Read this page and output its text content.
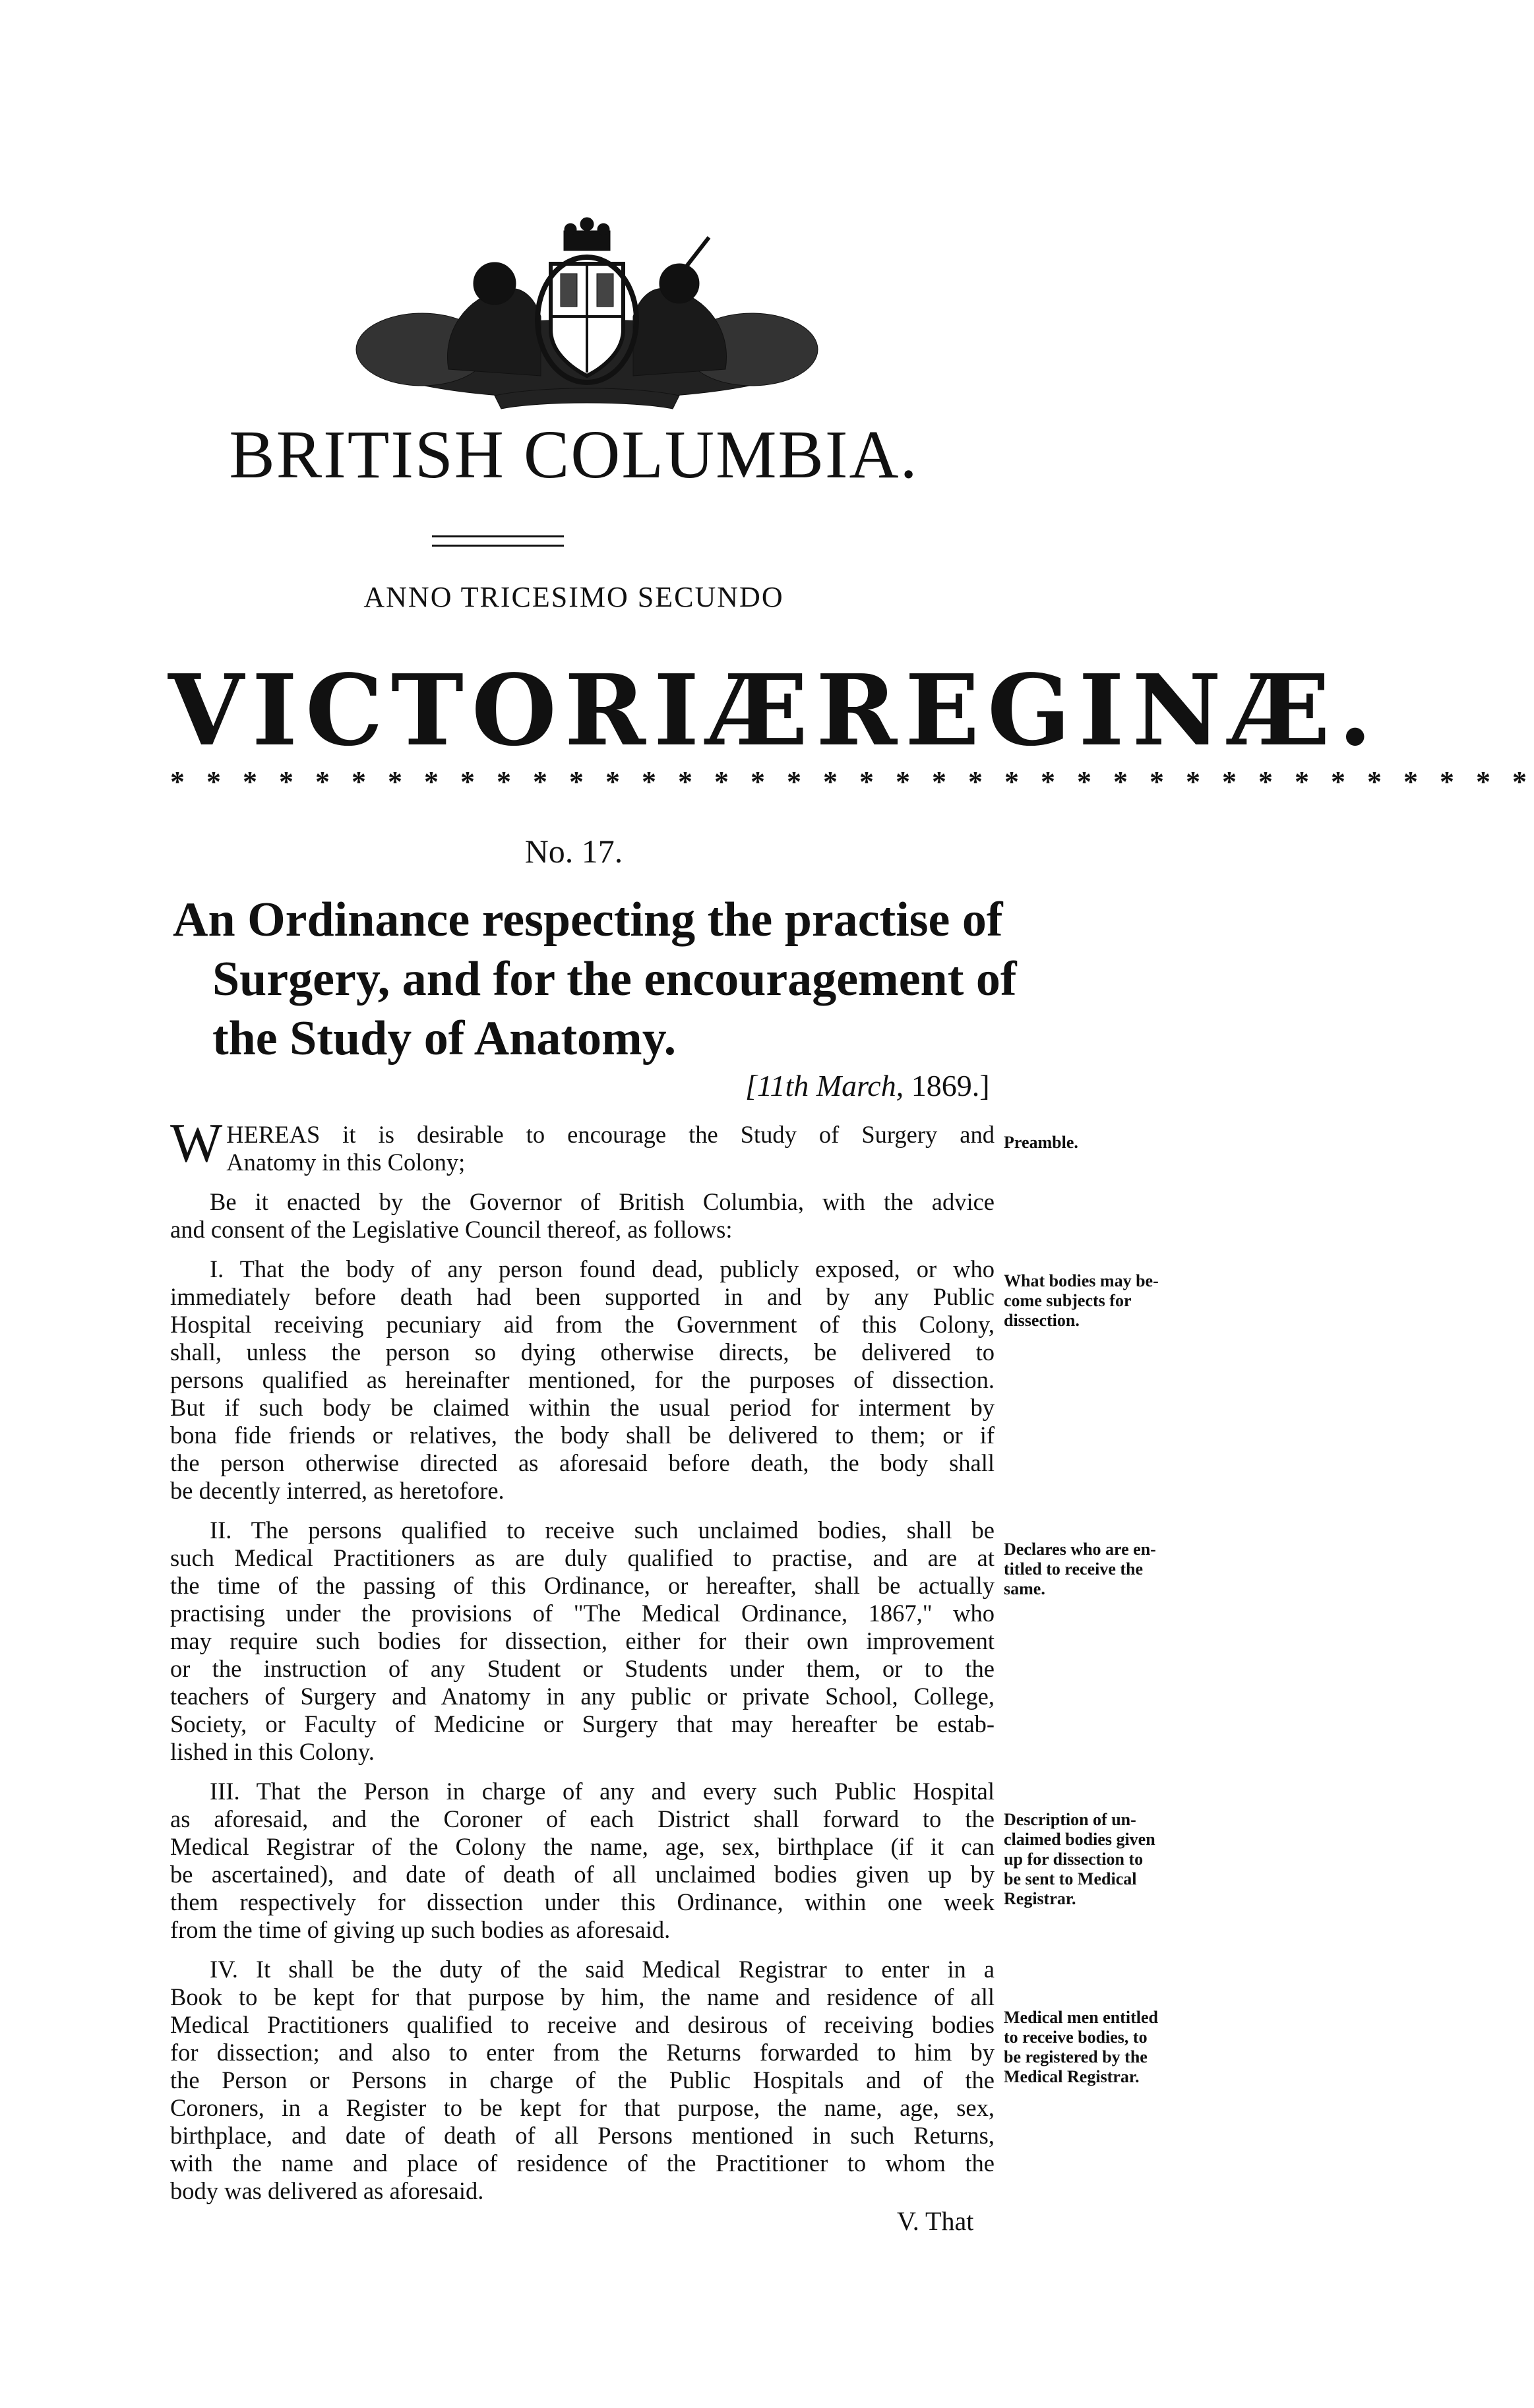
BRITISH COLUMBIA.
ANNO TRICESIMO SECUNDO
VICTORIÆ REGINÆ.
* * * * * * * * * * * * * * * * * * * * * * * * * * * * * * * * * * * * * *
No. 17.
An Ordinance respecting the practise of
Surgery, and for the encouragement of
the Study of Anatomy.
[11th March, 1869.]

W HEREAS it is desirable to encourage the Study of Surgery and
Anatomy in this Colony;

Be it enacted by the Governor of British Columbia, with the advice
and consent of the Legislative Council thereof, as follows:

I. That the body of any person found dead, publicly exposed, or who
immediately before death had been supported in and by any Public
Hospital receiving pecuniary aid from the Government of this Colony,
shall, unless the person so dying otherwise directs, be delivered to
persons qualified as hereinafter mentioned, for the purposes of dissection.
But if such body be claimed within the usual period for interment by
bona fide friends or relatives, the body shall be delivered to them; or if
the person otherwise directed as aforesaid before death, the body shall
be decently interred, as heretofore.

II. The persons qualified to receive such unclaimed bodies, shall be
such Medical Practitioners as are duly qualified to practise, and are at
the time of the passing of this Ordinance, or hereafter, shall be actually
practising under the provisions of "The Medical Ordinance, 1867," who
may require such bodies for dissection, either for their own improvement
or the instruction of any Student or Students under them, or to the
teachers of Surgery and Anatomy in any public or private School, College,
Society, or Faculty of Medicine or Surgery that may hereafter be estab-
lished in this Colony.

III. That the Person in charge of any and every such Public Hospital
as aforesaid, and the Coroner of each District shall forward to the
Medical Registrar of the Colony the name, age, sex, birthplace (if it can
be ascertained), and date of death of all unclaimed bodies given up by
them respectively for dissection under this Ordinance, within one week
from the time of giving up such bodies as aforesaid.

IV. It shall be the duty of the said Medical Registrar to enter in a
Book to be kept for that purpose by him, the name and residence of all
Medical Practitioners qualified to receive and desirous of receiving bodies
for dissection; and also to enter from the Returns forwarded to him by
the Person or Persons in charge of the Public Hospitals and of the
Coroners, in a Register to be kept for that purpose, the name, age, sex,
birthplace, and date of death of all Persons mentioned in such Returns,
with the name and place of residence of the Practitioner to whom the
body was delivered as aforesaid.

Preamble.
What bodies may be-
come subjects for
dissection.
Declares who are en-
titled to receive the
same.
Description of un-
claimed bodies given
up for dissection to
be sent to Medical
Registrar.
Medical men entitled
to receive bodies, to
be registered by the
Medical Registrar.
V. That
